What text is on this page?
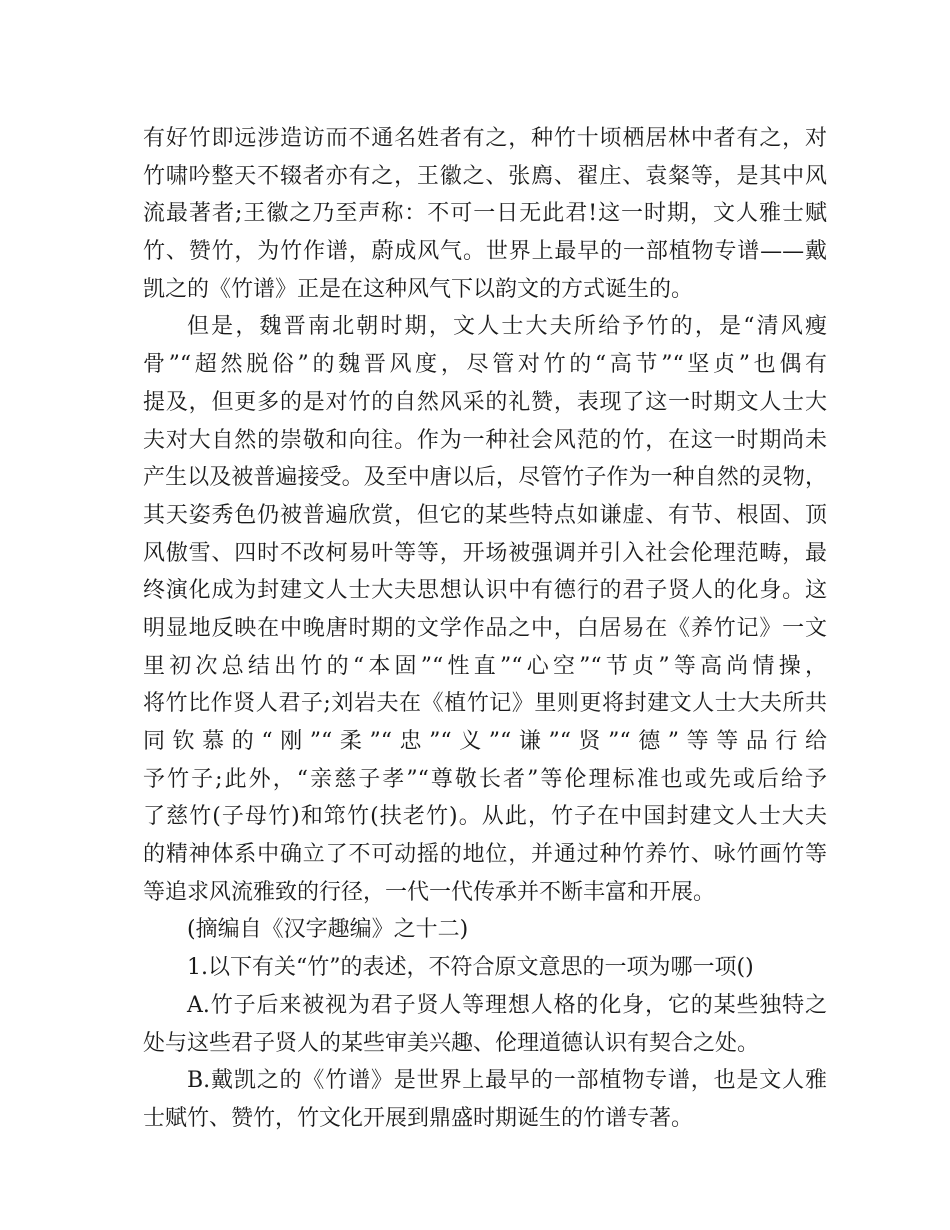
有好竹即远涉造访而不通名姓者有之，种竹十顷栖居林中者有之，对
竹啸吟整天不辍者亦有之，王徽之、张廌、翟庄、袁粲等，是其中风
流最著者;王徽之乃至声称：不可一日无此君!这一时期，文人雅士赋
竹、赞竹，为竹作谱，蔚成风气。世界上最早的一部植物专谱——戴
凯之的《竹谱》正是在这种风气下以韵文的方式诞生的。
但是，魏晋南北朝时期，文人士大夫所给予竹的，是“清风瘦
骨”“超然脱俗”的魏晋风度，尽管对竹的“高节”“坚贞”也偶有
提及，但更多的是对竹的自然风采的礼赞，表现了这一时期文人士大
夫对大自然的崇敬和向往。作为一种社会风范的竹，在这一时期尚未
产生以及被普遍接受。及至中唐以后，尽管竹子作为一种自然的灵物，
其天姿秀色仍被普遍欣赏，但它的某些特点如谦虚、有节、根固、顶
风傲雪、四时不改柯易叶等等，开场被强调并引入社会伦理范畴，最
终演化成为封建文人士大夫思想认识中有德行的君子贤人的化身。这
明显地反映在中晚唐时期的文学作品之中，白居易在《养竹记》一文
里初次总结出竹的“本固”“性直”“心空”“节贞”等高尚情操，
将竹比作贤人君子;刘岩夫在《植竹记》里则更将封建文人士大夫所共
同钦慕的“刚”“柔”“忠”“义”“谦”“贤”“德”等等品行给
予竹子;此外，“亲慈子孝”“尊敬长者”等伦理标准也或先或后给予
了慈竹(子母竹)和筇竹(扶老竹)。从此，竹子在中国封建文人士大夫
的精神体系中确立了不可动摇的地位，并通过种竹养竹、咏竹画竹等
等追求风流雅致的行径，一代一代传承并不断丰富和开展。
(摘编自《汉字趣编》之十二)
1.以下有关“竹”的表述，不符合原文意思的一项为哪一项()
A.竹子后来被视为君子贤人等理想人格的化身，它的某些独特之
处与这些君子贤人的某些审美兴趣、伦理道德认识有契合之处。
B.戴凯之的《竹谱》是世界上最早的一部植物专谱，也是文人雅
士赋竹、赞竹，竹文化开展到鼎盛时期诞生的竹谱专著。
